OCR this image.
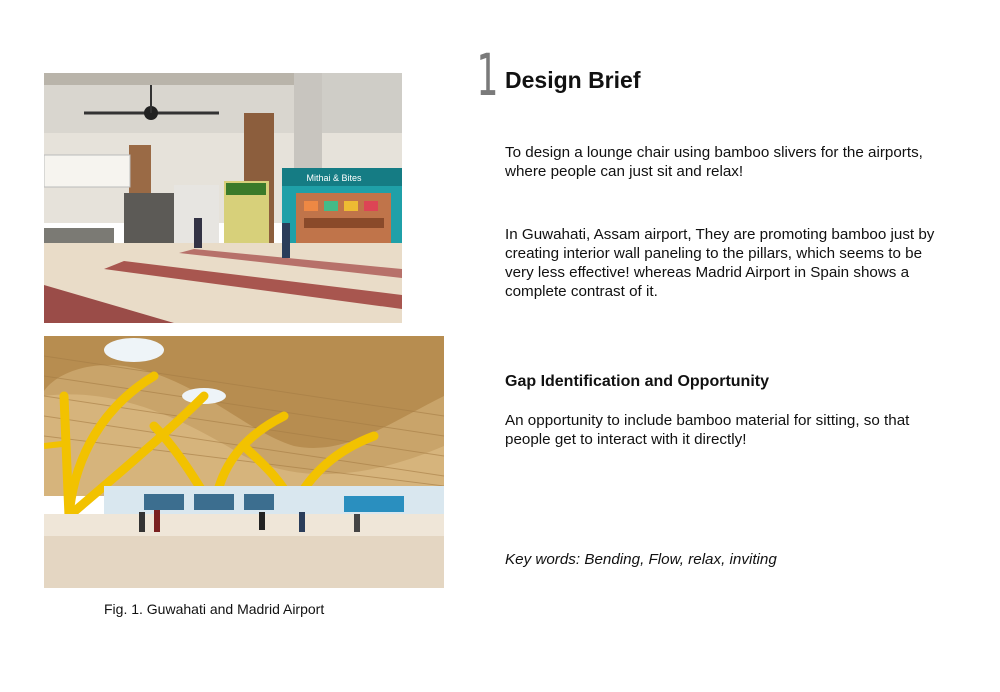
Mithai & Bites
Fig. 1. Guwahati and Madrid Airport
1 Design Brief
To design a lounge chair using bamboo slivers for the airports, where people can just sit and relax!
In Guwahati, Assam airport, They are promoting bamboo just by creating interior wall paneling to the pillars, which seems to be very less effective! whereas Madrid Airport in Spain shows a complete contrast of it.
Gap Identification and Opportunity
An opportunity to include bamboo material for sitting, so that people get to interact with it directly!
Key words: Bending, Flow, relax, inviting
